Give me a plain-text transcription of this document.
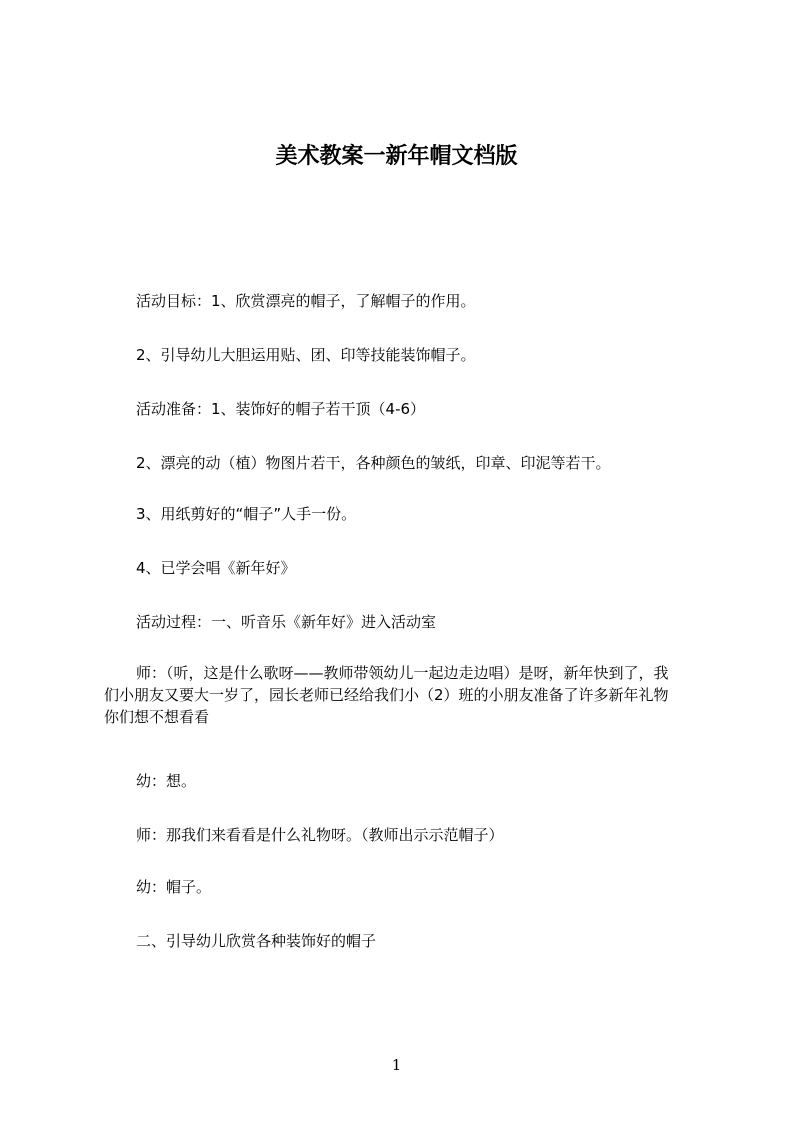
美术教案一新年帽文档版

活动目标：1、欣赏漂亮的帽子，了解帽子的作用。

2、引导幼儿大胆运用贴、团、印等技能装饰帽子。

活动准备：1、装饰好的帽子若干顶（4-6）

2、漂亮的动（植）物图片若干，各种颜色的皱纸，印章、印泥等若干。

3、用纸剪好的“帽子”人手一份。

4、已学会唱《新年好》

活动过程：一、听音乐《新年好》进入活动室

师：（听，这是什么歌呀——教师带领幼儿一起边走边唱）是呀，新年快到了，我
们小朋友又要大一岁了，园长老师已经给我们小（2）班的小朋友准备了许多新年礼物
你们想不想看看

幼：想。

师：那我们来看看是什么礼物呀。（教师出示示范帽子）

幼：帽子。

二、引导幼儿欣赏各种装饰好的帽子

1
